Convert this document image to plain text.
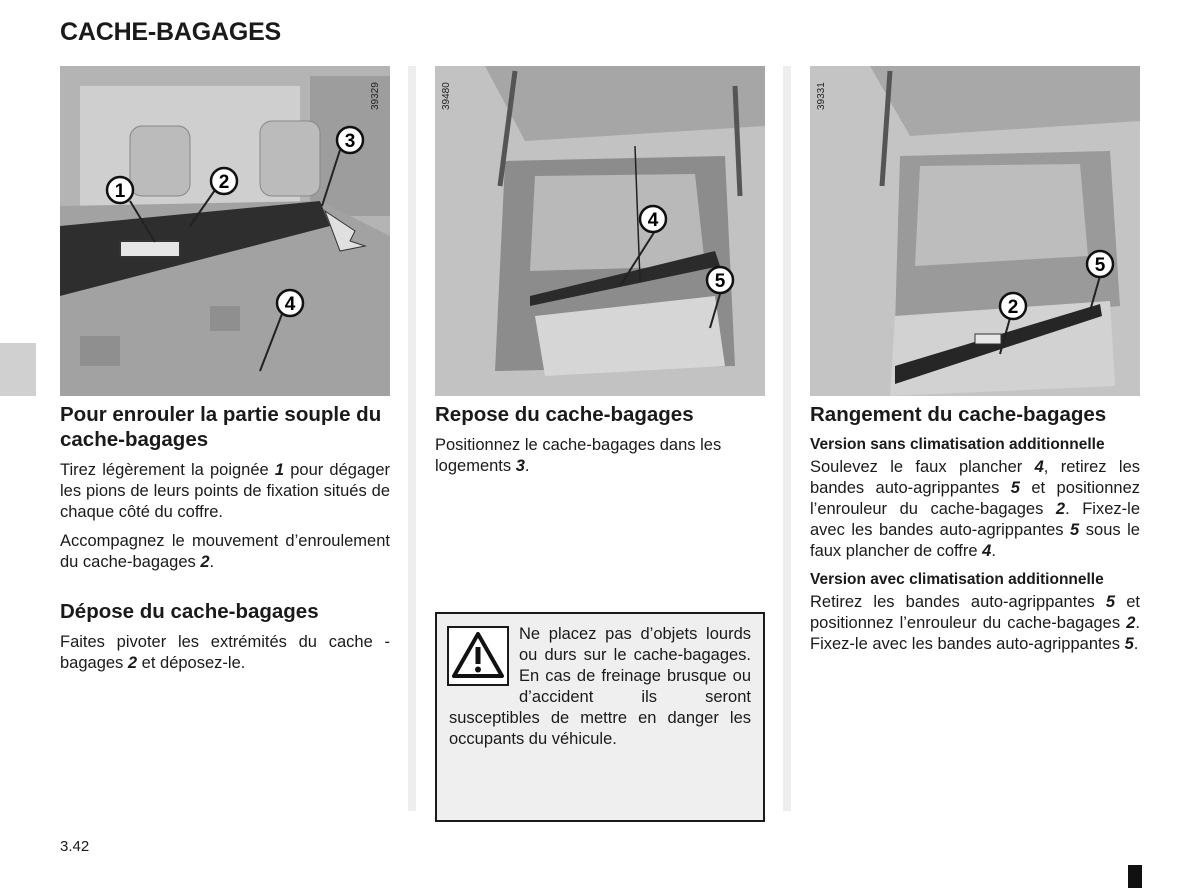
CACHE-BAGAGES
39329
1	2
3
4
Pour enrouler la partie souple du cache-bagages

Tirez légèrement la poignée 1 pour dégager les pions de leurs points de fixation situés de chaque côté du coffre.

Accompagnez le mouvement d’enroulement du cache-bagages 2.

Dépose du cache-bagages

Faites pivoter les extrémités du cache -bagages 2 et déposez-le.

39480
4
5
Repose du cache-bagages

Positionnez le cache-bagages dans les logements 3.

39331
5
2
Rangement du cache-bagages
Version sans climatisation additionnelle

Soulevez le faux plancher 4, retirez les bandes auto-agrippantes 5 et positionnez l’enrouleur du cache-bagages 2. Fixez-le avec les bandes auto-agrippantes 5 sous le faux plancher de coffre 4.

Version avec climatisation additionnelle

Retirez les bandes auto-agrippantes 5 et positionnez l’enrouleur du cache-bagages 2. Fixez-le avec les bandes auto-agrippantes 5.

Ne placez pas d’objets lourds ou durs sur le cache-bagages. En cas de freinage brusque ou d’accident ils seront susceptibles de mettre en danger les occupants du véhicule.
3.42
